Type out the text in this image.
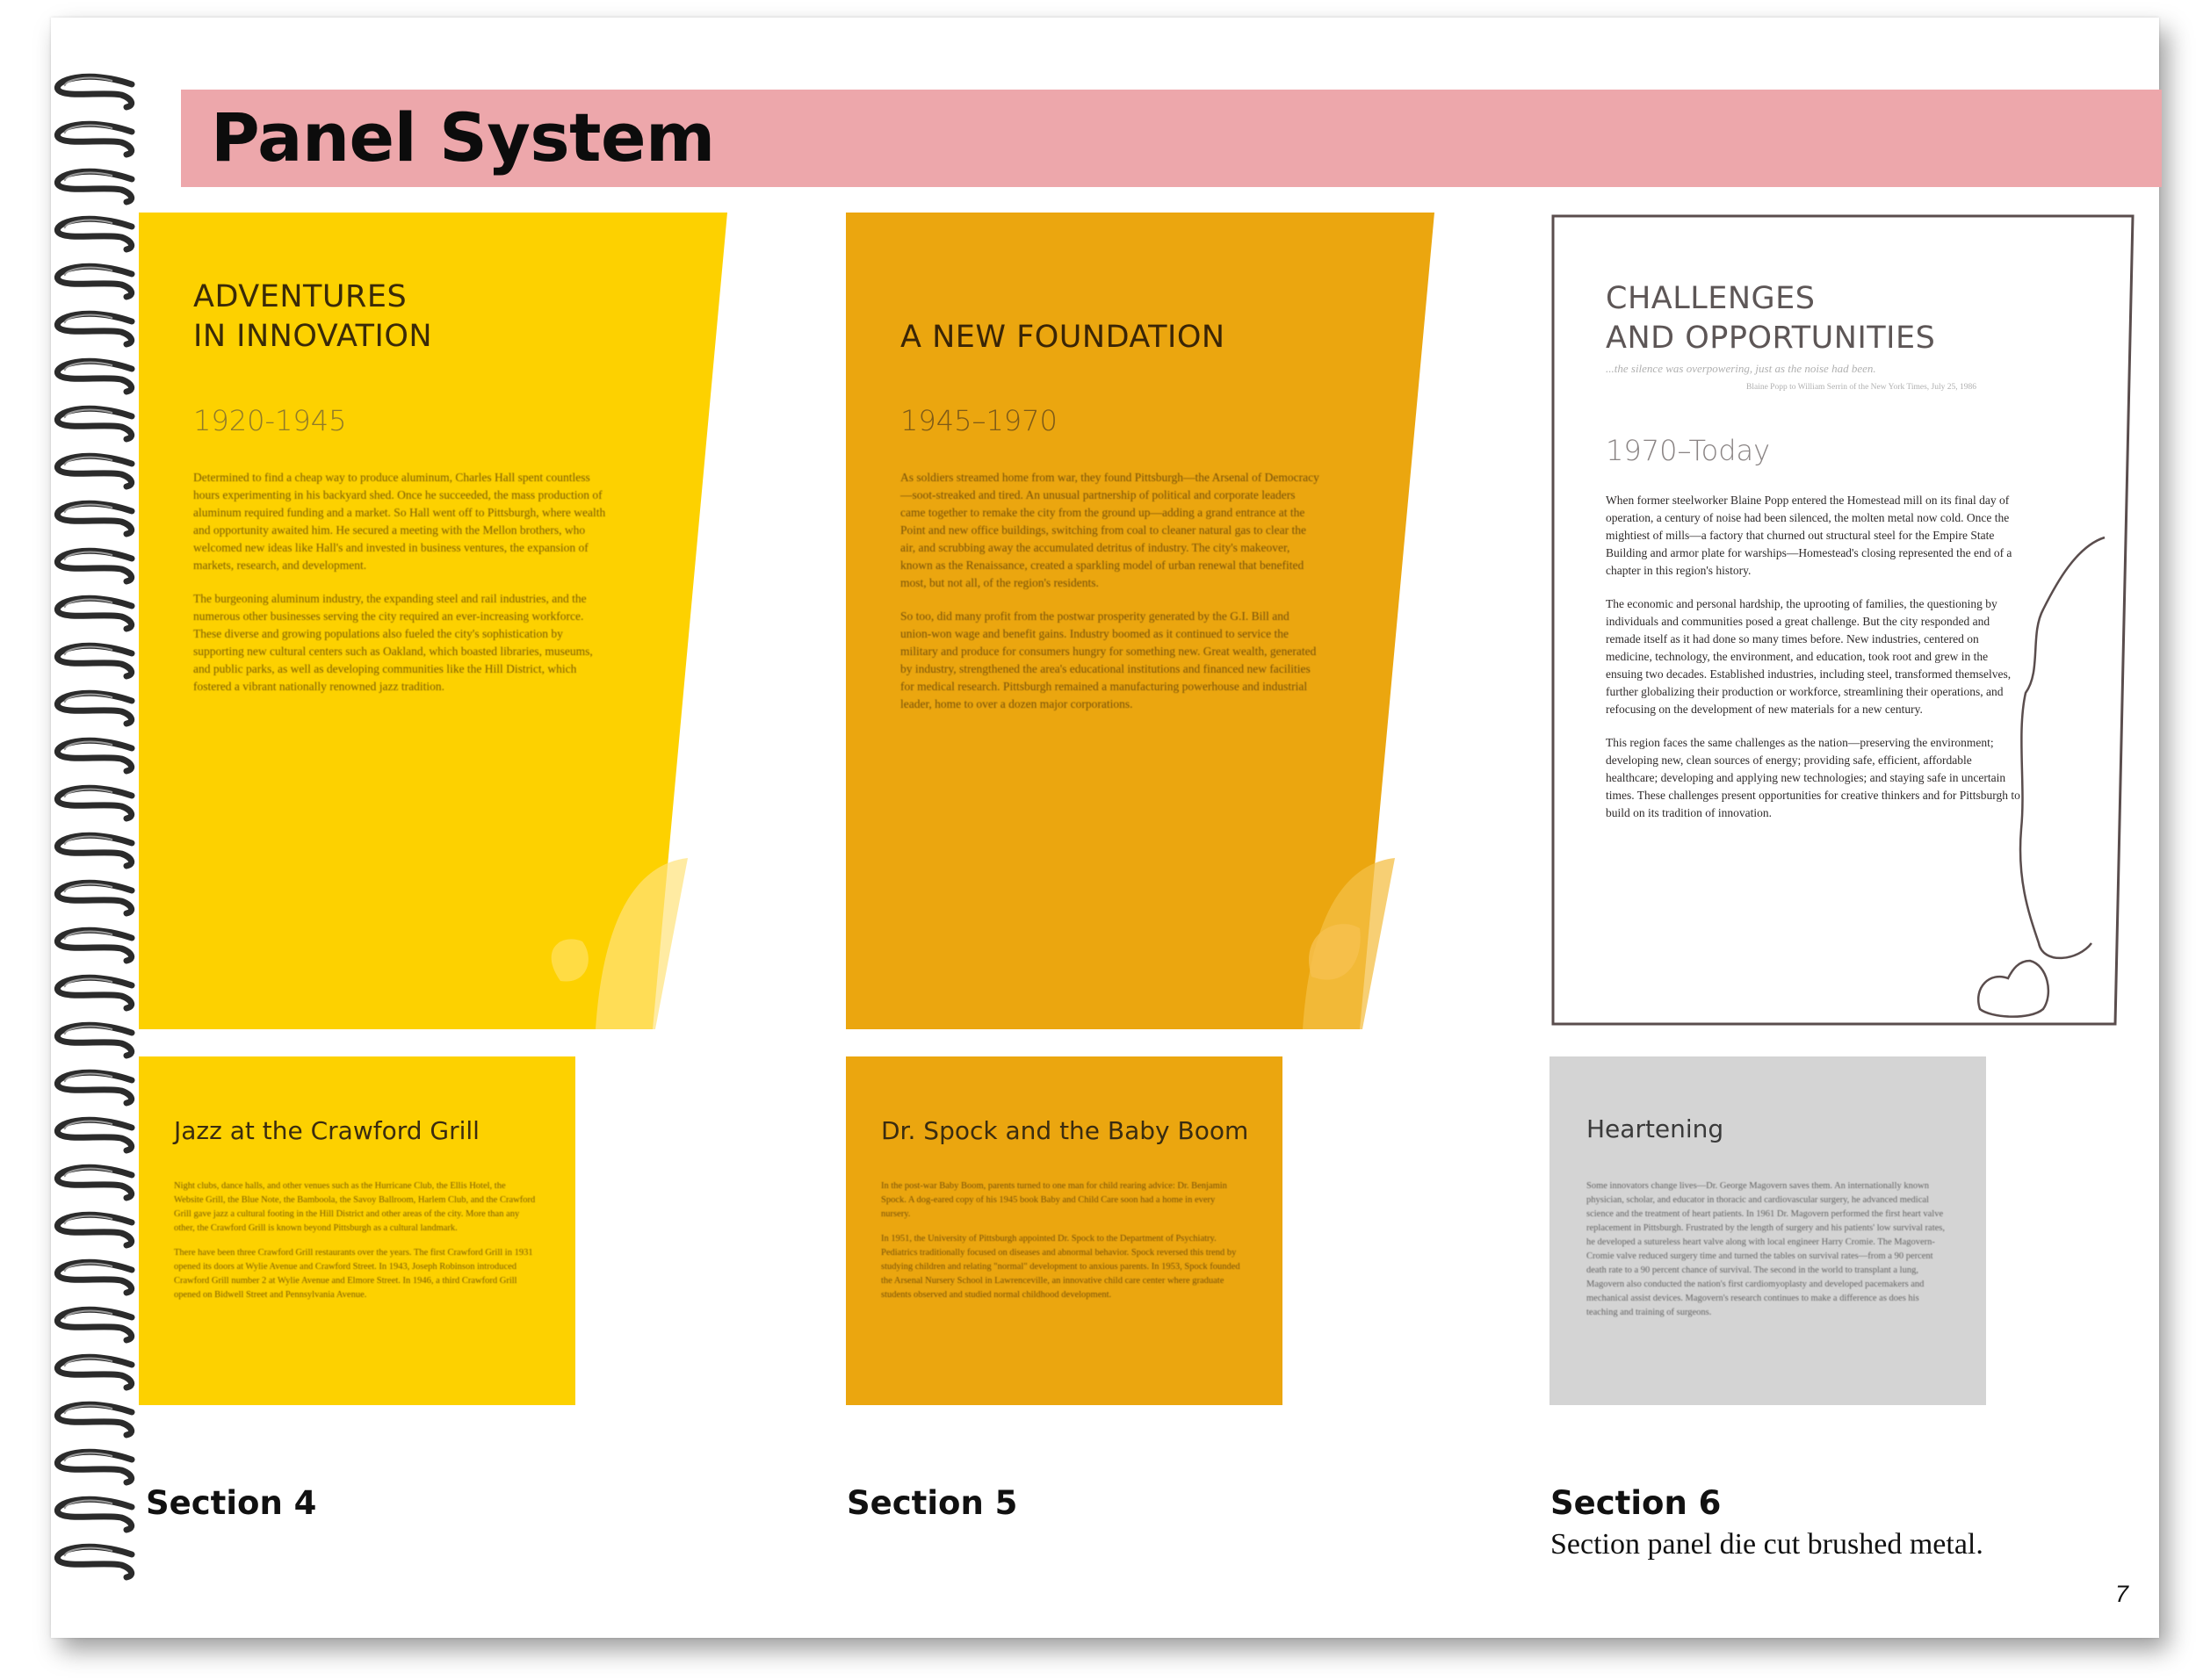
Panel System
ADVENTURES
IN INNOVATION
1920-1945

Determined to find a cheap way to produce aluminum, Charles Hall spent countless hours experimenting in his backyard shed. Once he succeeded, the mass production of aluminum required funding and a market. So Hall went off to Pittsburgh, where wealth and opportunity awaited him. He secured a meeting with the Mellon brothers, who welcomed new ideas like Hall's and invested in business ventures, the expansion of markets, research, and development.

The burgeoning aluminum industry, the expanding steel and rail industries, and the numerous other businesses serving the city required an ever-increasing workforce. These diverse and growing populations also fueled the city's sophistication by supporting new cultural centers such as Oakland, which boasted libraries, museums, and public parks, as well as developing communities like the Hill District, which fostered a vibrant nationally renowned jazz tradition.

A NEW FOUNDATION
1945–1970

As soldiers streamed home from war, they found Pittsburgh—the Arsenal of Democracy—soot-streaked and tired. An unusual partnership of political and corporate leaders came together to remake the city from the ground up—adding a grand entrance at the Point and new office buildings, switching from coal to cleaner natural gas to clear the air, and scrubbing away the accumulated detritus of industry. The city's makeover, known as the Renaissance, created a sparkling model of urban renewal that benefited most, but not all, of the region's residents.

So too, did many profit from the postwar prosperity generated by the G.I. Bill and union-won wage and benefit gains. Industry boomed as it continued to service the military and produce for consumers hungry for something new. Great wealth, generated by industry, strengthened the area's educational institutions and financed new facilities for medical research. Pittsburgh remained a manufacturing powerhouse and industrial leader, home to over a dozen major corporations.

CHALLENGES
AND OPPORTUNITIES
...the silence was overpowering, just as the noise had been.
Blaine Popp to William Serrin of the New York Times, July 25, 1986
1970–Today

When former steelworker Blaine Popp entered the Homestead mill on its final day of operation, a century of noise had been silenced, the molten metal now cold. Once the mightiest of mills—a factory that churned out structural steel for the Empire State Building and armor plate for warships—Homestead's closing represented the end of a chapter in this region's history.

The economic and personal hardship, the uprooting of families, the questioning by individuals and communities posed a great challenge. But the city responded and remade itself as it had done so many times before. New industries, centered on medicine, technology, the environment, and education, took root and grew in the ensuing two decades. Established industries, including steel, transformed themselves, further globalizing their production or workforce, streamlining their operations, and refocusing on the development of new materials for a new century.

This region faces the same challenges as the nation—preserving the environment; developing new, clean sources of energy; providing safe, efficient, affordable healthcare; developing and applying new technologies; and staying safe in uncertain times. These challenges present opportunities for creative thinkers and for Pittsburgh to build on its tradition of innovation.

Jazz at the Crawford Grill

Night clubs, dance halls, and other venues such as the Hurricane Club, the Ellis Hotel, the Website Grill, the Blue Note, the Bamboola, the Savoy Ballroom, Harlem Club, and the Crawford Grill gave jazz a cultural footing in the Hill District and other areas of the city. More than any other, the Crawford Grill is known beyond Pittsburgh as a cultural landmark.

There have been three Crawford Grill restaurants over the years. The first Crawford Grill in 1931 opened its doors at Wylie Avenue and Crawford Street. In 1943, Joseph Robinson introduced Crawford Grill number 2 at Wylie Avenue and Elmore Street. In 1946, a third Crawford Grill opened on Bidwell Street and Pennsylvania Avenue.

Dr. Spock and the Baby Boom

In the post-war Baby Boom, parents turned to one man for child rearing advice: Dr. Benjamin Spock. A dog-eared copy of his 1945 book Baby and Child Care soon had a home in every nursery.

In 1951, the University of Pittsburgh appointed Dr. Spock to the Department of Psychiatry. Pediatrics traditionally focused on diseases and abnormal behavior. Spock reversed this trend by studying children and relating "normal" development to anxious parents. In 1953, Spock founded the Arsenal Nursery School in Lawrenceville, an innovative child care center where graduate students observed and studied normal childhood development.

Heartening

Some innovators change lives—Dr. George Magovern saves them. An internationally known physician, scholar, and educator in thoracic and cardiovascular surgery, he advanced medical science and the treatment of heart patients. In 1961 Dr. Magovern performed the first heart valve replacement in Pittsburgh. Frustrated by the length of surgery and his patients' low survival rates, he developed a sutureless heart valve along with local engineer Harry Cromie. The Magovern-Cromie valve reduced surgery time and turned the tables on survival rates—from a 90 percent death rate to a 90 percent chance of survival. The second in the world to transplant a lung, Magovern also conducted the nation's first cardiomyoplasty and developed pacemakers and mechanical assist devices. Magovern's research continues to make a difference as does his teaching and training of surgeons.

Section 4	Section 5	Section 6
Section panel die cut brushed metal.
7
